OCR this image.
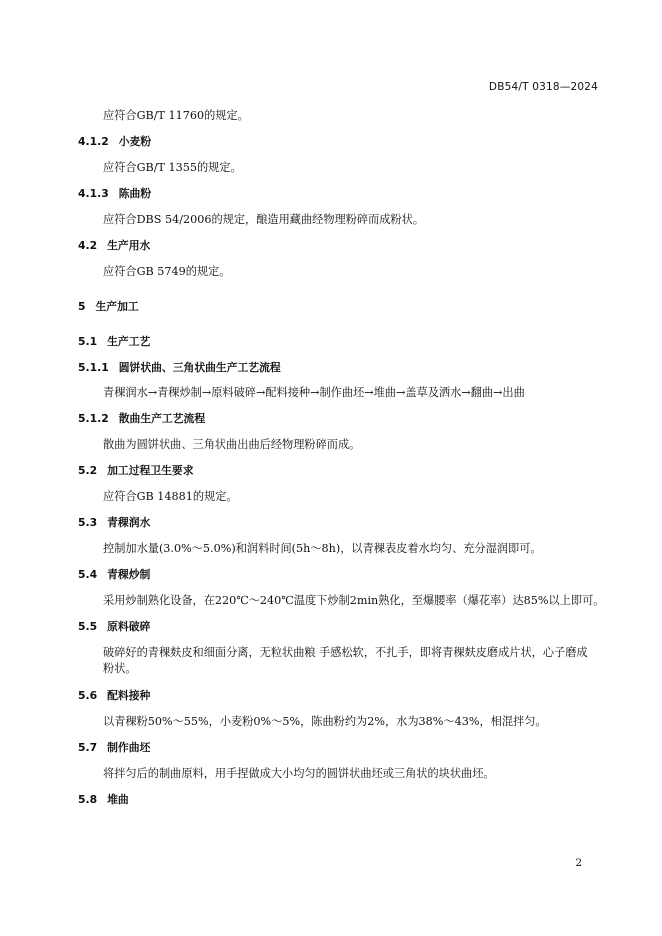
DB54/T 0318—2024
应符合GB/T 11760的规定。
4.1.2 小麦粉
应符合GB/T 1355的规定。
4.1.3 陈曲粉
应符合DBS 54/2006的规定，酿造用藏曲经物理粉碎而成粉状。
4.2 生产用水
应符合GB 5749的规定。
5 生产加工
5.1 生产工艺
5.1.1 圆饼状曲、三角状曲生产工艺流程
青稞润水→青稞炒制→原料破碎→配料接种→制作曲坯→堆曲→盖草及洒水→翻曲→出曲
5.1.2 散曲生产工艺流程
散曲为圆饼状曲、三角状曲出曲后经物理粉碎而成。
5.2 加工过程卫生要求
应符合GB 14881的规定。
5.3 青稞润水
控制加水量(3.0%～5.0%)和润料时间(5h～8h)，以青稞表皮着水均匀、充分湿润即可。
5.4 青稞炒制
采用炒制熟化设备，在220℃～240℃温度下炒制2min熟化，至爆腰率（爆花率）达85%以上即可。
5.5 原料破碎
破碎好的青稞麸皮和细面分离，无粒状曲粮 手感松软，不扎手，即将青稞麸皮磨成片状，心子磨成粉状。
5.6 配料接种
以青稞粉50%～55%，小麦粉0%～5%，陈曲粉约为2%，水为38%～43%，相混拌匀。
5.7 制作曲坯
将拌匀后的制曲原料，用手捏做成大小均匀的圆饼状曲坯或三角状的块状曲坯。
5.8 堆曲
2
